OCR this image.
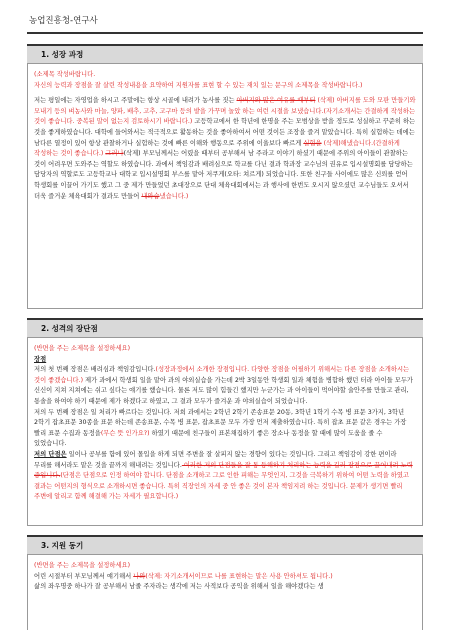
농업진흥청-연구사
1. 성장 과정

(소제목 작성바랍니다.

자신의 능력과 장점을 잘 살린 작성내용을 요약하여 지원자를 표현 할 수 있는 재치 있는 문구의 소제목을 작성바랍니다.)

저는 평일에는 자영업을 하시고 주말에는 항상 시골에 내려가 농사를 짓는 아버지와 많은 여유를 때부터 (삭제) 아버지를 도와 모판 만들기와 모내기 등의 벼농사와 마늘, 양파, 배추, 고추, 고구마 등의 밭을 가꾸며 놀았 하는 여런 시절을 보냈습니다.(자기소개서는 간결하게 작성하는 것이 좋습니다. 중복된 말이 없는지 검토하시기 바랍니다.) 고등학교에서 한 학년에 한명을 주는 모범상을 받을 정도로 성실하고 꾸준히 하는 것을 좋게하였습니다. 대학에 들어와서는 적극적으로 활동하는 것을 좋아하여서 어떤 것이든 조장을 즐겨 맡았습니다. 특히 실험하는 데에는 남다른 열정이 있어 항상 관찰하거나 실험하는 것에 빠른 이해와 행동으로 주위에 이울보다 빠르게 실험을 (삭제)해냈습니다.(간결하게 작성하는 것이 좋습니다.) 그러나(삭제) 부모님께서는 어렸을 때부터 공부해서 남 주라고 이야기 하셨기 때문에 주위의 아이들이 관찰하는 것이 어려우면 도와주는 역할도 하였습니다. 과에서 책임감과 배려심으로 학교를 다닌 결과 학과장 교수님의 권유로 입시설명회를 담당하는 담당자의 역할로도 고등학교나 대학교 입시설명회 부스를 맡아 저쿠게(오타: 쳐르게) 되었습니다. 또한 친구들 사이에도 많은 신뢰를 얻어 학생회를 이끌어 가기도 했고 그 중 제가 만들었던 초대장으로 단대 체육대회에서는 과 행사에 한번도 오시지 않으셨던 교수님들도 오셔서 더욱 즐거운 체육대회가 결과도 만들어 내와슴냈습니다.)

2. 성격의 장단점

(반면을 주는 소제목을 설정하세요)

장점

저의 첫 번째 장점은 배려심과 책임감입니다.(성장과정에서 소개한 장점입니다. 다양한 장점을 어필하기 위해서는 다른 장점을 소개하시는 것이 좋겠습니다.) 제가 과에서 학생회 일을 맡아 과의 야외실습을 가는데 2박 3일동안 학생회 일과 체험을 병합하 했던 터라 아이들 모두가 신신이 지쳐 지쳐에는 쉬고 싶다는 얘기를 했습니다. 물론 저도 많이 힘들긴 했지만 누군가는 과 아이들이 먹어야할 술안주를 만들고 관리, 통솔을 하여야 하기 때문에 제가 하겠다고 하였고, 그 결과 모두가 즐겨운 과 야외실습이 되었습니다.

저의 두 번째 장점은 일 처리가 빠르다는 것입니다. 저희 과에서는 2학년 2학기 존송표문 20동, 3학년 1학기 수목 병 표문 3가지, 3학년 2학기 잡초표문 30종을 표문 하는데 존송표문, 수목 병 표문, 잡초표문 모두 가장 먼저 제출하였습니다. 특히 잡초 표문 같은 경우는 가장 빨리 표문 수집과 동정을(무슨 뜻 인가요?) 하였기 때문에 친구들이 표본채집하기 좋은 장소나 동정을 할 때에 많이 도움을 줄 수 있었습니다.

저의 단점은 일이나 공부를 함에 있어 몰입을 하게 되면 주변을 잘 살피지 않는 경향이 있다는 것입니다. 그리고 책임감이 강한 편이라 무리를 해서라도 맡은 것을 끝까지 해내려는 것입니다. 이러한 저의 단점들을 잘 통 등해하기 처리하는 능력을 길러 장점으로 끌어내려 노력 중입니다.(단점은 단점으로 인정 하여야 합니다. 단점을 소개하고 그로 인한 피해는 무엇인지, 그것을 극복하기 위하여 어떤 노력을 하였고 결과는 어떤지의 형식으로 소개하시면 좋습니다. 특히 직장인의 자세 중 안 좋은 것이 본자 책임지려 하는 것입니다. 문제가 생기면 빨리 주변에 알리고 함께 해결해 가는 자세가 필요합니다.)

3. 지원 동기

(반면을 주는 소제목을 설정하세요)

어린 시절부터 부모님께서 얘기해서 나와(삭제: 자기소개서이므로 나를 표현하는 말은 사용 안하셔도 됩니다.)

삶의 좌우명중 하나가 잘 공부해서 남줄 주자라는 생각에 저는 사적보다 공익을 위해서 일을 해야겠다는 생
